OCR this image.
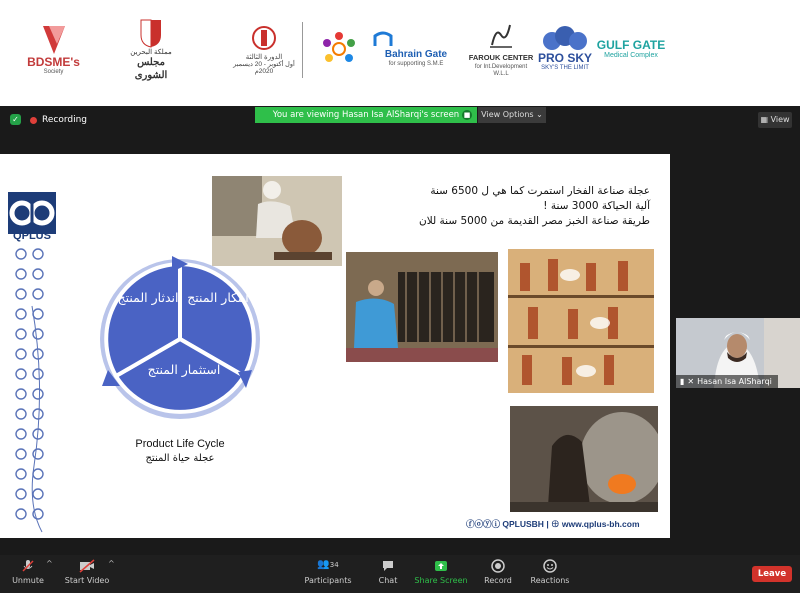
BDSME's
Society
مملكة البحرين
مجلس الشورى
الدورة الثالثة
أول أكتوبر - 20 ديسمبر 2020م
Bahrain Gate
for supporting S.M.E
FAROUK CENTER
for Int.Development W.L.L
PRO SKY
SKY'S THE LIMIT
GULF GATE
Medical Complex
✓	Recording	You are viewing Hasan Isa AlSharqi's screen ■	View Options ⌄
▦ View
QPLUS
اندثار المنتج ابتكار المنتج
استثمار المنتج
Product Life Cycle
عجلة حياة المنتج
عجلة صناعة الفخار استمرت كما هي ل 6500 سنة
آلية الحياكة 3000 سنة !
طريقة صناعة الخبز مصر القديمة من 5000 سنة للان
ⓕⓞⓨⓘ QPLUSBH | ⊕ www.qplus-bh.com
▮ ✕ Hasan Isa AlSharqi
Unmute
^
Start Video
^	👥34
Participants	Chat	Share Screen	Record	Reactions
Leave
